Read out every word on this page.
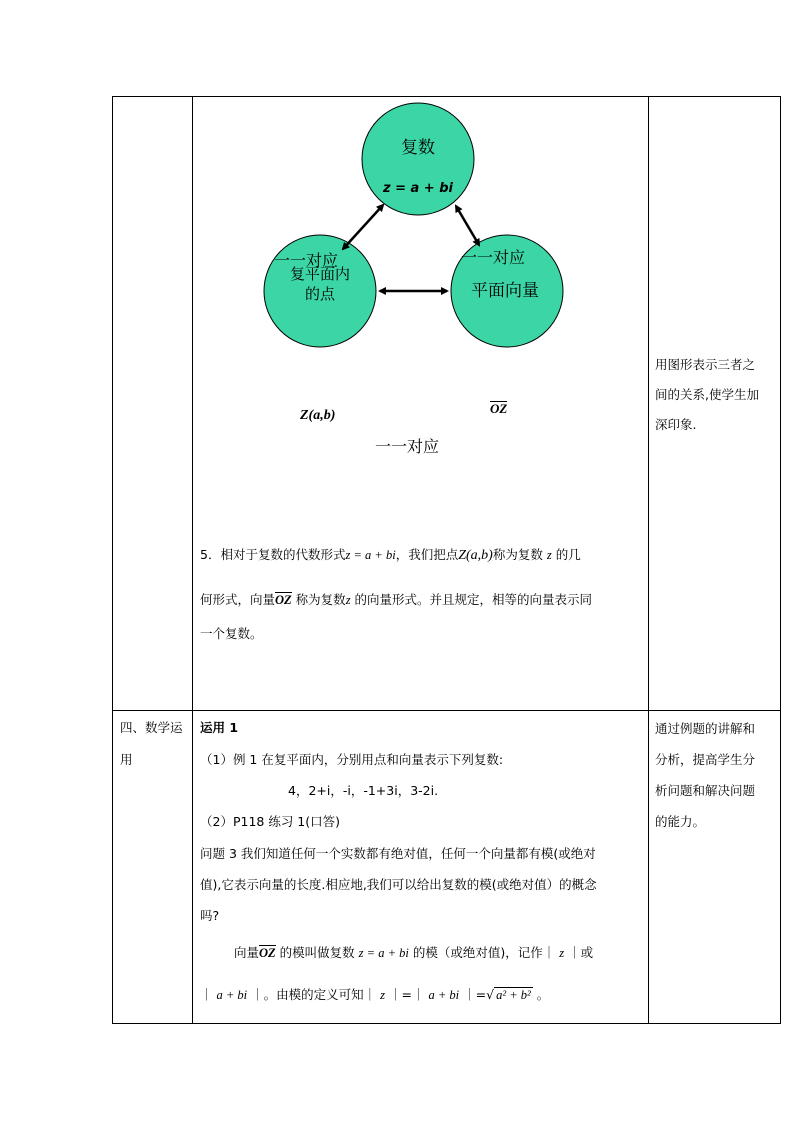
复数
z = a + bi
一一对应
复平面内
的点
一一对应
平面向量
一一对应
Z(a,b)	OZ
用图形表示三者之
间的关系,使学生加
深印象.
5．相对于复数的代数形式z = a + bi，我们把点Z(a,b)称为复数 z 的几
何形式，向量OZ 称为复数z 的向量形式。并且规定，相等的向量表示同
一个复数。
四、数学运
用
运用 1
（1）例 1 在复平面内，分别用点和向量表示下列复数:
4，2+i，-i，-1+3i，3-2i.
（2）P118 练习 1(口答)
问题 3 我们知道任何一个实数都有绝对值，任何一个向量都有模(或绝对
值),它表示向量的长度.相应地,我们可以给出复数的模(或绝对值）的概念
吗?
向量OZ 的模叫做复数 z = a + bi 的模（或绝对值)，记作｜ z ｜或
｜ a + bi ｜。由模的定义可知｜ z ｜=｜ a + bi ｜=√ a² + b² 。
通过例题的讲解和
分析，提高学生分
析问题和解决问题
的能力。
